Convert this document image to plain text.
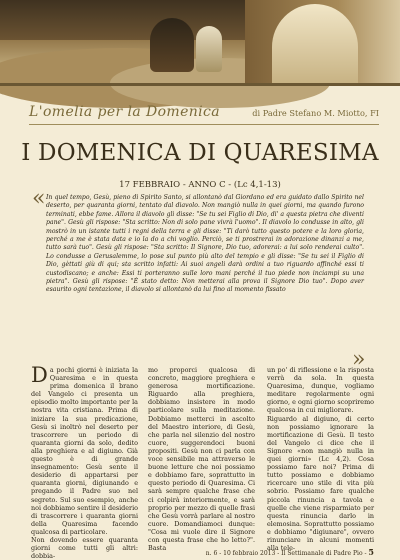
L'omelia per la Domenica	di Padre Stefano M. Miotto, FI
I DOMENICA DI QUARESIMA
17 FEBBRAIO - ANNO C - (Lc 4,1-13)
« In quel tempo, Gesù, pieno di Spirito Santo, si allontanò dal Giordano ed era guidato dallo Spirito nel deserto, per quaranta giorni, tentato dal diavolo. Non mangiò nulla in quei giorni, ma quando furono terminati, ebbe fame. Allora il diavolo gli disse: "Se tu sei Figlio di Dio, di' a questa pietra che diventi pane". Gesù gli rispose: "Sta scritto: Non di solo pane vivrà l'uomo". Il diavolo lo condusse in alto, gli mostrò in un istante tutti i regni della terra e gli disse: "Ti darò tutto questo potere e la loro gloria, perché a me è stata data e io la do a chi voglio. Perciò, se ti prostrerai in adorazione dinanzi a me, tutto sarà tuo". Gesù gli rispose: "Sta scritto: Il Signore, Dio tuo, adorerai: a lui solo renderai culto". Lo condusse a Gerusalemme, lo pose sul punto più alto del tempio e gli disse: "Se tu sei il Figlio di Dio, gèttati giù di qui; sta scritto infatti: Ai suoi angeli darà ordini a tuo riguardo affinché essi ti custodiscano; e anche: Essi ti porteranno sulle loro mani perché il tuo piede non inciampi su una pietra". Gesù gli rispose: "È stato detto: Non metterai alla prova il Signore Dio tuo". Dopo aver esaurito ogni tentazione, il diavolo si allontanò da lui fino al momento fissato

»
Da pochi giorni è iniziata la Quaresima e in questa prima domenica il brano del Vangelo ci presenta un episodio molto importante per la nostra vita cristiana. Prima di iniziare la sua predicazione, Gesù si inoltrò nel deserto per trascorrere un periodo di quaranta giorni da solo, dedito alla preghiera e al digiuno. Già questo è di grande insegnamento: Gesù sente il desiderio di appartarsi per quaranta giorni, digiunando e pregando il Padre suo nel segreto. Sul suo esempio, anche noi dobbiamo sentire il desiderio di trascorrere i quaranta giorni della Quaresima facendo qualcosa di particolare.
Non dovendo essere quaranta giorni come tutti gli altri: dobbia-
mo proporci qualcosa di concreto, maggiore preghiera e generosa mortificazione. Riguardo alla preghiera, dobbiamo insistere in modo particolare sulla meditazione. Dobbiamo metterci in ascolto del Maestro interiore, di Gesù, che parla nel silenzio del nostro cuore, suggerendoci buoni propositi. Gesù non ci parla con voce sensibile ma attraverso le buone letture che noi possiamo e dobbiamo fare, soprattutto in questo periodo di Quaresima. Ci sarà sempre qualche frase che ci colpirà interiormente, e sarà proprio per mezzo di quelle frasi che Gesù vorrà parlare al nostro cuore. Domandiamoci dunque: "Cosa mi vuole dire il Signore con questa frase che ho letto?". Basta
un po' di riflessione e la risposta verrà da sola. In questa Quaresima, dunque, vogliamo meditare regolarmente ogni giorno, e ogni giorno scopriremo qualcosa in cui migliorare.
Riguardo al digiuno, di certo non possiamo ignorare la mortificazione di Gesù. Il testo del Vangelo ci dice che il Signore «non mangiò nulla in quei giorni» (Lc 4,2). Cosa possiamo fare noi? Prima di tutto possiamo e dobbiamo ricercare uno stile di vita più sobrio. Possiamo fare qualche piccola rinuncia a tavola e quelle che viene risparmiato per questa rinuncia darlo in elemosina. Soprattutto possiamo e dobbiamo "digiunare", ovvero rinunciare in alcuni momenti alla tele-
n. 6 - 10 febbraio 2013 - Il Settimanale di Padre Pio - 5
